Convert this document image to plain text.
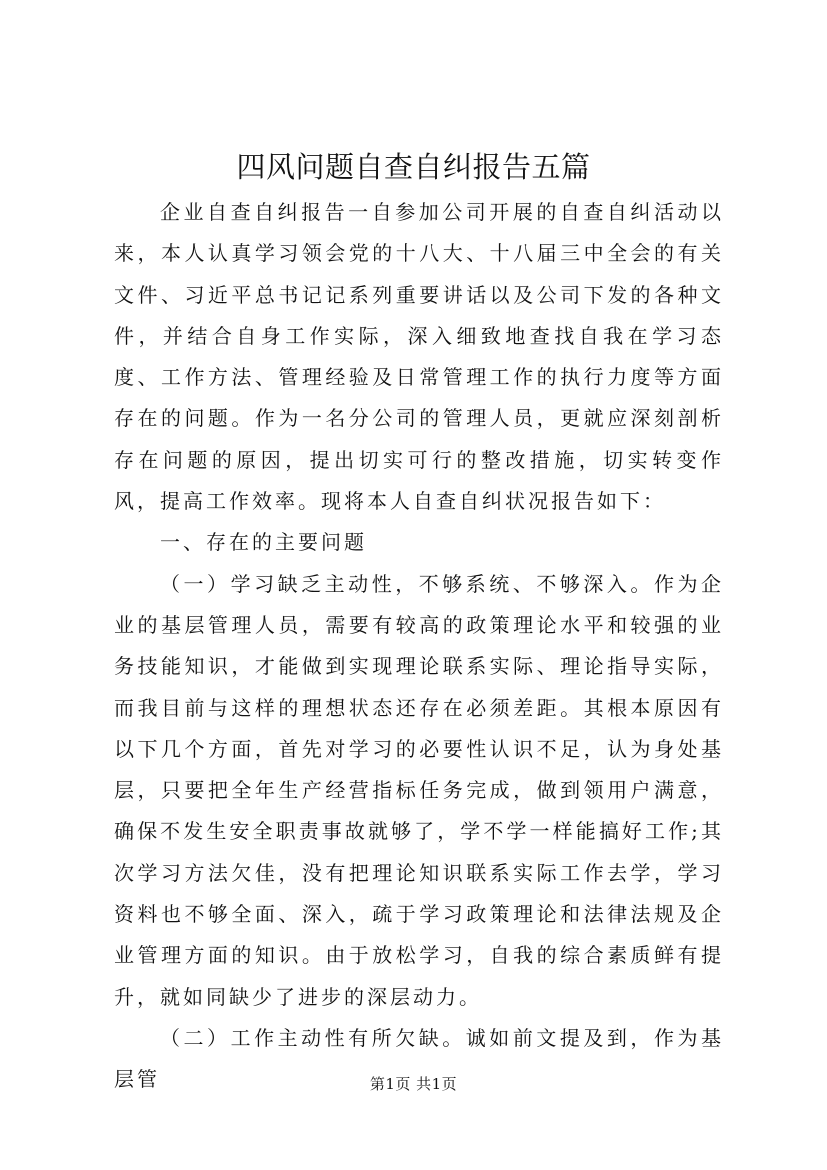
四风问题自查自纠报告五篇

企业自查自纠报告一自参加公司开展的自查自纠活动以来，本人认真学习领会党的十八大、十八届三中全会的有关文件、习近平总书记记系列重要讲话以及公司下发的各种文件，并结合自身工作实际，深入细致地查找自我在学习态度、工作方法、管理经验及日常管理工作的执行力度等方面存在的问题。作为一名分公司的管理人员，更就应深刻剖析存在问题的原因，提出切实可行的整改措施，切实转变作风，提高工作效率。现将本人自查自纠状况报告如下：

一、存在的主要问题

（一）学习缺乏主动性，不够系统、不够深入。作为企业的基层管理人员，需要有较高的政策理论水平和较强的业务技能知识，才能做到实现理论联系实际、理论指导实际，而我目前与这样的理想状态还存在必须差距。其根本原因有以下几个方面，首先对学习的必要性认识不足，认为身处基层，只要把全年生产经营指标任务完成，做到领用户满意，确保不发生安全职责事故就够了，学不学一样能搞好工作;其次学习方法欠佳，没有把理论知识联系实际工作去学，学习资料也不够全面、深入，疏于学习政策理论和法律法规及企业管理方面的知识。由于放松学习，自我的综合素质鲜有提升，就如同缺少了进步的深层动力。

（二）工作主动性有所欠缺。诚如前文提及到，作为基层管	第1页 共1页
